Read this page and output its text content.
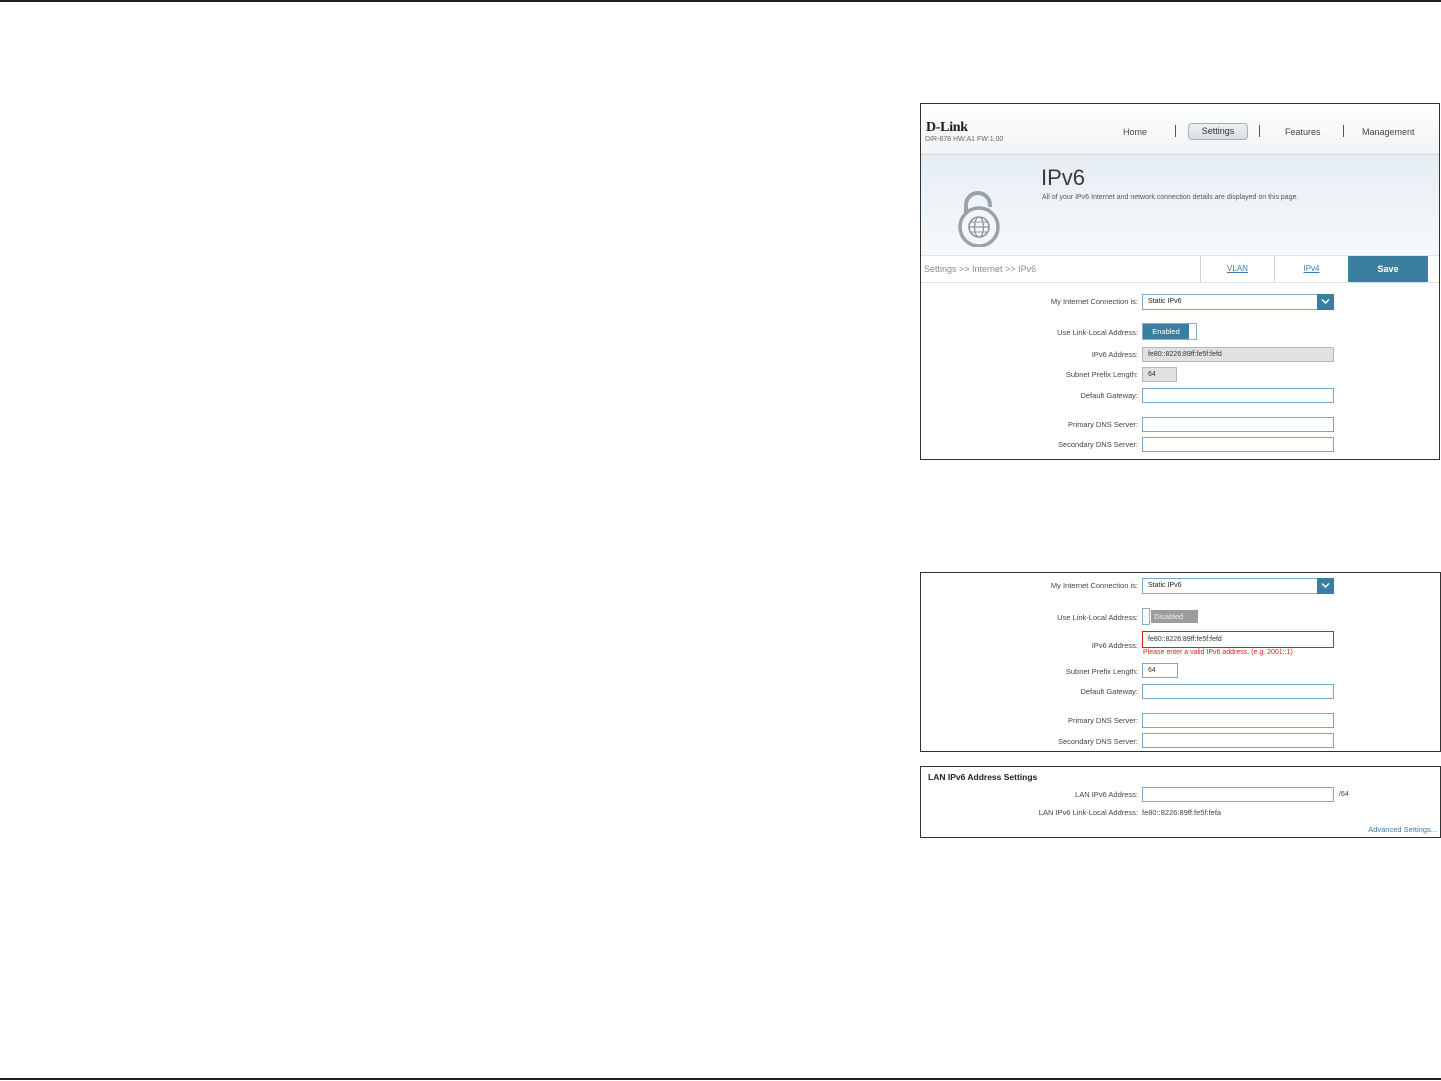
D-Link
DIR-878 HW:A1 FW:1.00
Home	Settings	Features	Management
IPv6
All of your IPv6 Internet and network connection details are displayed on this page.
Settings >> Internet >> IPv6	VLAN	IPv4	Save
My Internet Connection is:	Static IPv6
Use Link-Local Address:	Enabled
IPv6 Address:	fe80::8226:89ff:fe5f:fefd
Subnet Prefix Length:	64
Default Gateway:
Primary DNS Server:
Secondary DNS Server:
My Internet Connection is:	Static IPv6
Use Link-Local Address:	Disabled
IPv6 Address:
fe80::8226:89ff:fe5f:fefd
Please enter a valid IPv6 address. (e.g. 2001::1)
Subnet Prefix Length:	64
Default Gateway:
Primary DNS Server:
Secondary DNS Server:
LAN IPv6 Address Settings
LAN IPv6 Address:	/64
LAN IPv6 Link-Local Address: fe80::8226:89ff:fe5f:fefa
Advanced Settings...
